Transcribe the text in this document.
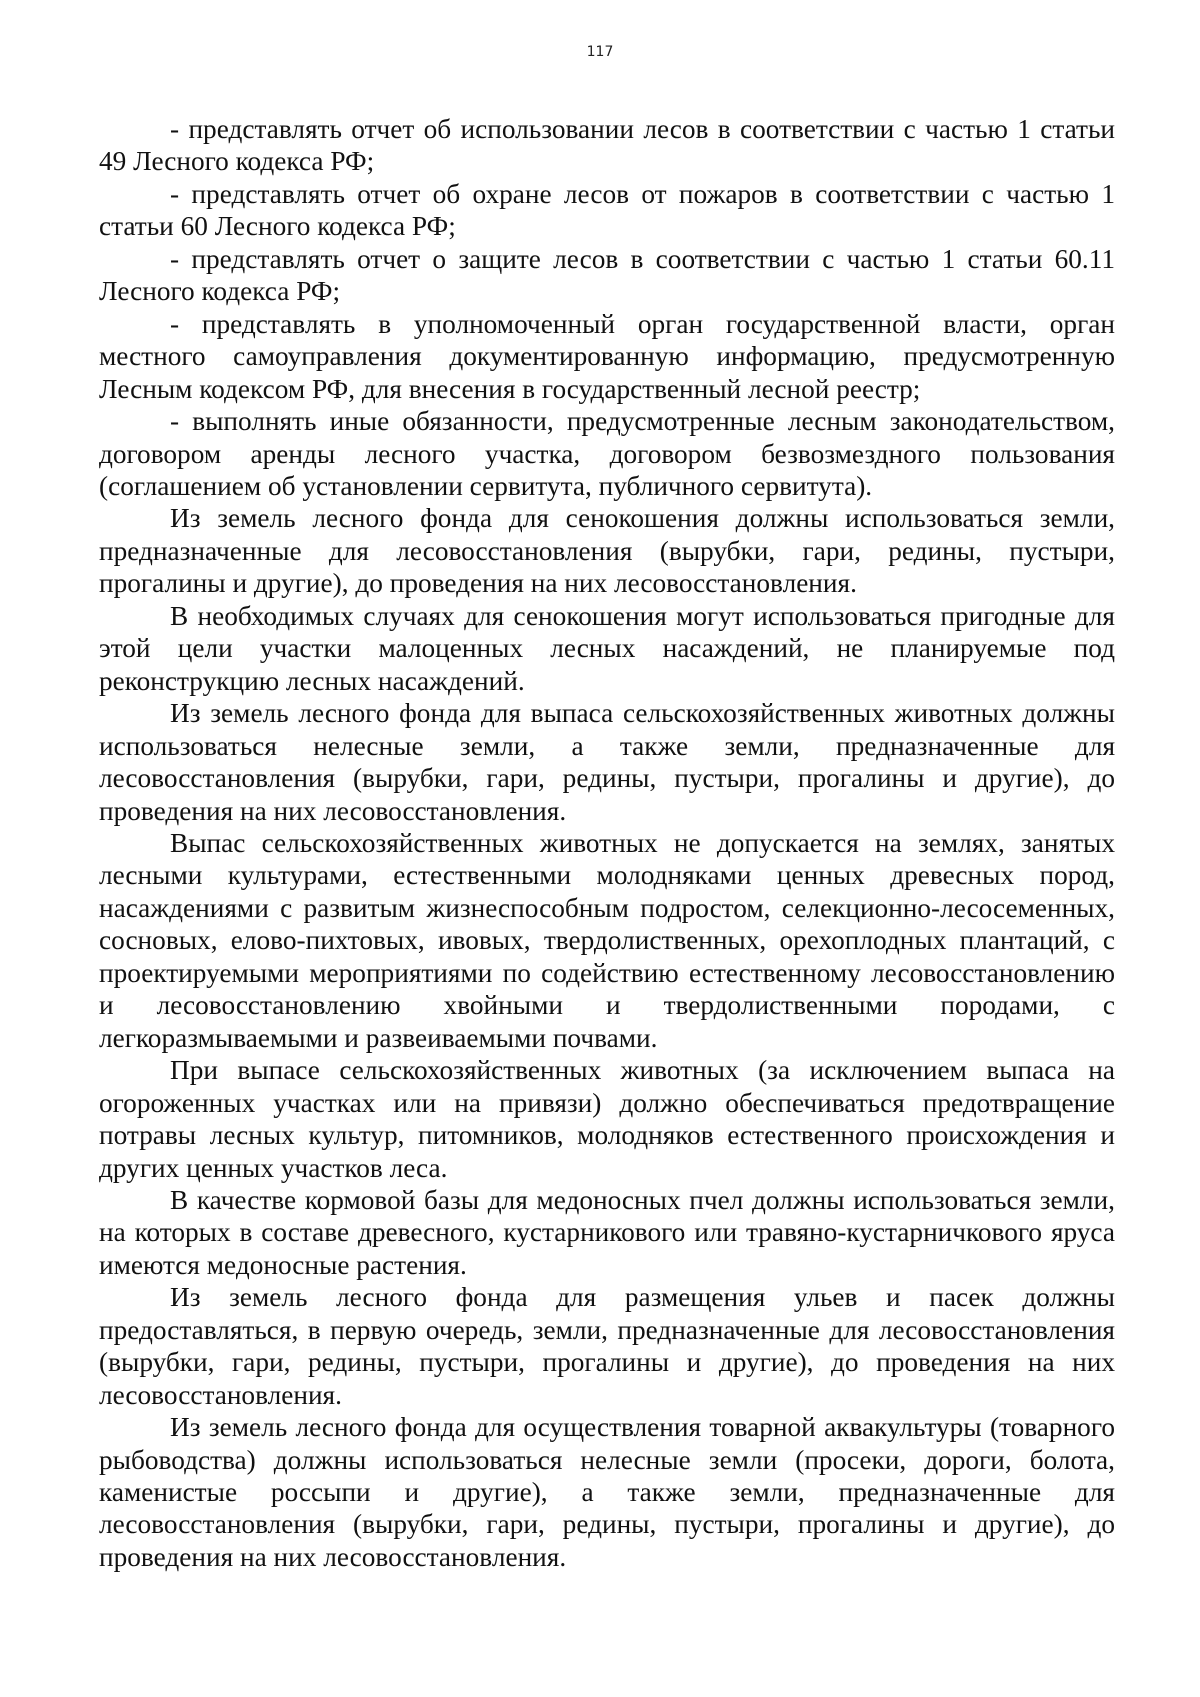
117

- представлять отчет об использовании лесов в соответствии с частью 1 статьи 49 Лесного кодекса РФ;

- представлять отчет об охране лесов от пожаров в соответствии с частью 1 статьи 60 Лесного кодекса РФ;

- представлять отчет о защите лесов в соответствии с частью 1 статьи 60.11 Лесного кодекса РФ;

- представлять в уполномоченный орган государственной власти, орган местного самоуправления документированную информацию, предусмотренную Лесным кодексом РФ, для внесения в государственный лесной реестр;

- выполнять иные обязанности, предусмотренные лесным законодательством, договором аренды лесного участка, договором безвозмездного пользования (соглашением об установлении сервитута, публичного сервитута).

Из земель лесного фонда для сенокошения должны использоваться земли, предназначенные для лесовосстановления (вырубки, гари, редины, пустыри, прогалины и другие), до проведения на них лесовосстановления.

В необходимых случаях для сенокошения могут использоваться пригодные для этой цели участки малоценных лесных насаждений, не планируемые под реконструкцию лесных насаждений.

Из земель лесного фонда для выпаса сельскохозяйственных животных должны использоваться нелесные земли, а также земли, предназначенные для лесовосстановления (вырубки, гари, редины, пустыри, прогалины и другие), до проведения на них лесовосстановления.

Выпас сельскохозяйственных животных не допускается на землях, занятых лесными культурами, естественными молодняками ценных древесных пород, насаждениями с развитым жизнеспособным подростом, селекционно-лесосеменных, сосновых, елово-пихтовых, ивовых, твердолиственных, орехоплодных плантаций, с проектируемыми мероприятиями по содействию естественному лесовосстановлению и лесовосстановлению хвойными и твердолиственными породами, с легкоразмываемыми и развеиваемыми почвами.

При выпасе сельскохозяйственных животных (за исключением выпаса на огороженных участках или на привязи) должно обеспечиваться предотвращение потравы лесных культур, питомников, молодняков естественного происхождения и других ценных участков леса.

В качестве кормовой базы для медоносных пчел должны использоваться земли, на которых в составе древесного, кустарникового или травяно-кустарничкового яруса имеются медоносные растения.

Из земель лесного фонда для размещения ульев и пасек должны предоставляться, в первую очередь, земли, предназначенные для лесовосстановления (вырубки, гари, редины, пустыри, прогалины и другие), до проведения на них лесовосстановления.

Из земель лесного фонда для осуществления товарной аквакультуры (товарного рыбоводства) должны использоваться нелесные земли (просеки, дороги, болота, каменистые россыпи и другие), а также земли, предназначенные для лесовосстановления (вырубки, гари, редины, пустыри, прогалины и другие), до проведения на них лесовосстановления.
